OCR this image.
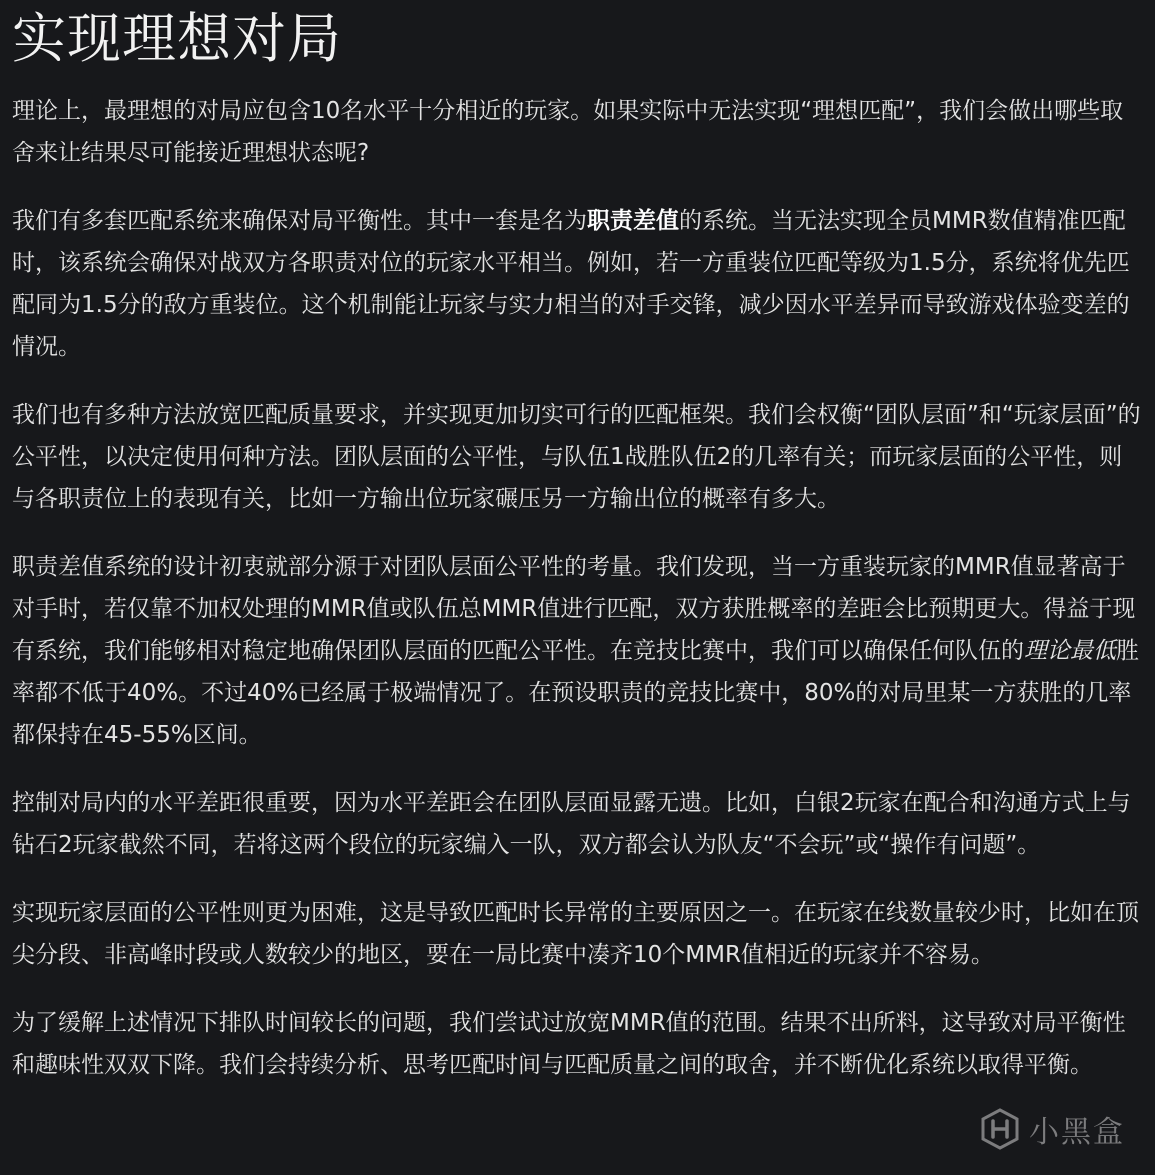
实现理想对局

理论上，最理想的对局应包含10名水平十分相近的玩家。如果实际中无法实现“理想匹配”，我们会做出哪些取舍来让结果尽可能接近理想状态呢?

我们有多套匹配系统来确保对局平衡性。其中一套是名为职责差值的系统。当无法实现全员MMR数值精准匹配时，该系统会确保对战双方各职责对位的玩家水平相当。例如，若一方重装位匹配等级为1.5分，系统将优先匹配同为1.5分的敌方重装位。这个机制能让玩家与实力相当的对手交锋，减少因水平差异而导致游戏体验变差的情况。

我们也有多种方法放宽匹配质量要求，并实现更加切实可行的匹配框架。我们会权衡“团队层面”和“玩家层面”的公平性，以决定使用何种方法。团队层面的公平性，与队伍1战胜队伍2的几率有关；而玩家层面的公平性，则与各职责位上的表现有关，比如一方输出位玩家碾压另一方输出位的概率有多大。

职责差值系统的设计初衷就部分源于对团队层面公平性的考量。我们发现，当一方重装玩家的MMR值显著高于对手时，若仅靠不加权处理的MMR值或队伍总MMR值进行匹配，双方获胜概率的差距会比预期更大。得益于现有系统，我们能够相对稳定地确保团队层面的匹配公平性。在竞技比赛中，我们可以确保任何队伍的理论最低胜率都不低于40%。不过40%已经属于极端情况了。在预设职责的竞技比赛中，80%的对局里某一方获胜的几率都保持在45-55%区间。

控制对局内的水平差距很重要，因为水平差距会在团队层面显露无遗。比如，白银2玩家在配合和沟通方式上与钻石2玩家截然不同，若将这两个段位的玩家编入一队，双方都会认为队友“不会玩”或“操作有问题”。

实现玩家层面的公平性则更为困难，这是导致匹配时长异常的主要原因之一。在玩家在线数量较少时，比如在顶尖分段、非高峰时段或人数较少的地区，要在一局比赛中凑齐10个MMR值相近的玩家并不容易。

为了缓解上述情况下排队时间较长的问题，我们尝试过放宽MMR值的范围。结果不出所料，这导致对局平衡性和趣味性双双下降。我们会持续分析、思考匹配时间与匹配质量之间的取舍，并不断优化系统以取得平衡。

小黑盒
